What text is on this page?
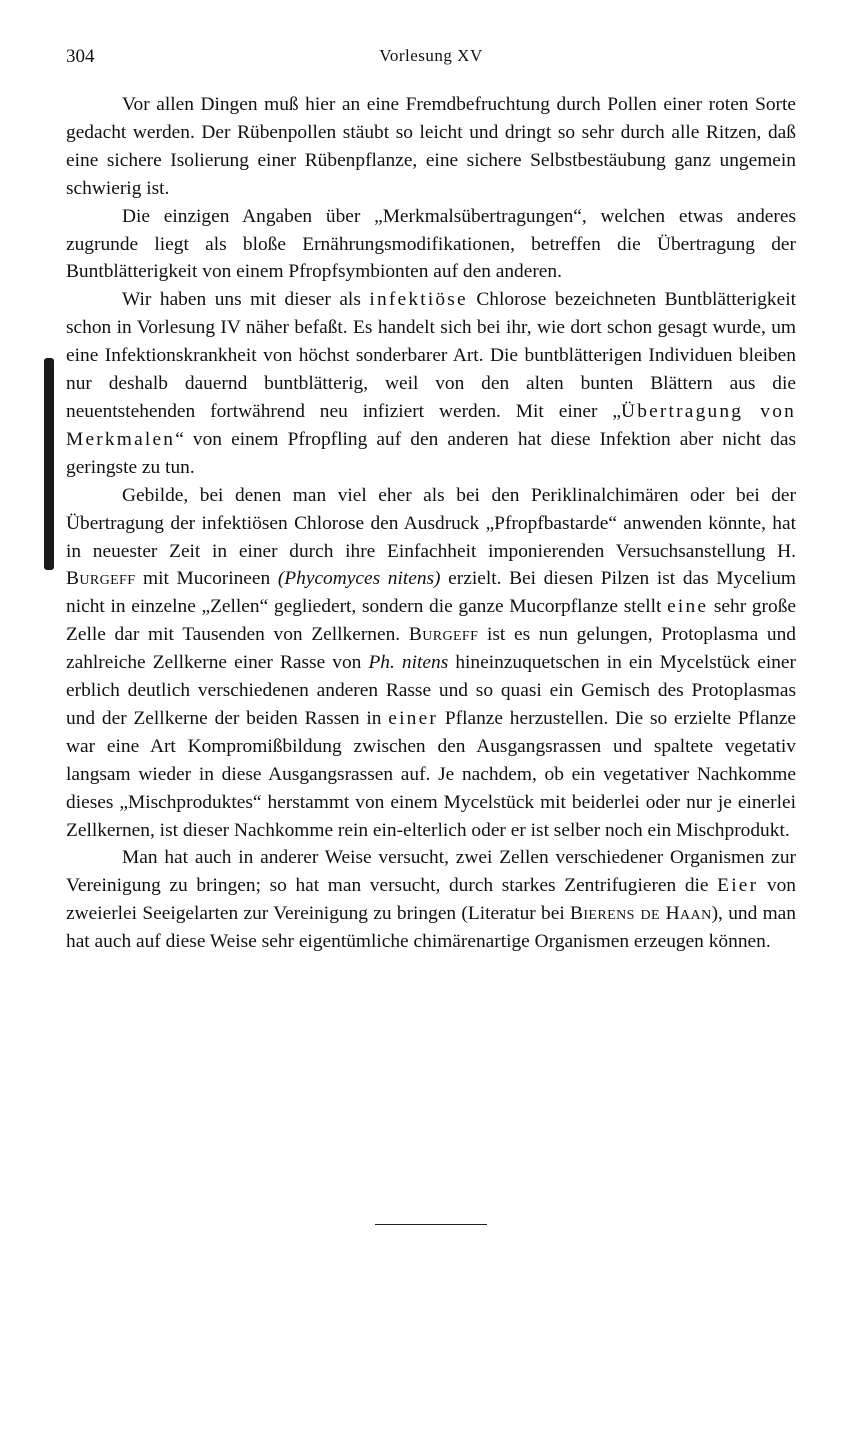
304	Vorlesung XV

Vor allen Dingen muß hier an eine Fremdbefruchtung durch Pollen einer roten Sorte gedacht werden. Der Rübenpollen stäubt so leicht und dringt so sehr durch alle Ritzen, daß eine sichere Isolierung einer Rübenpflanze, eine sichere Selbstbestäubung ganz ungemein schwierig ist.

Die einzigen Angaben über „Merkmalsübertragungen“, welchen etwas anderes zugrunde liegt als bloße Ernährungsmodifikationen, betreffen die Übertragung der Buntblätterigkeit von einem Pfropfsymbionten auf den anderen.

Wir haben uns mit dieser als infektiöse Chlorose bezeichneten Buntblätterigkeit schon in Vorlesung IV näher befaßt. Es handelt sich bei ihr, wie dort schon gesagt wurde, um eine Infektionskrankheit von höchst sonderbarer Art. Die buntblätterigen Individuen bleiben nur deshalb dauernd buntblätterig, weil von den alten bunten Blättern aus die neuentstehenden fortwährend neu infiziert werden. Mit einer „Übertragung von Merkmalen“ von einem Pfropfling auf den anderen hat diese Infektion aber nicht das geringste zu tun.

Gebilde, bei denen man viel eher als bei den Periklinalchimären oder bei der Übertragung der infektiösen Chlorose den Ausdruck „Pfropfbastarde“ anwenden könnte, hat in neuester Zeit in einer durch ihre Einfachheit imponierenden Versuchsanstellung H. Burgeff mit Mucorineen (Phycomyces nitens) erzielt. Bei diesen Pilzen ist das Mycelium nicht in einzelne „Zellen“ gegliedert, sondern die ganze Mucorpflanze stellt eine sehr große Zelle dar mit Tausenden von Zellkernen. Burgeff ist es nun gelungen, Protoplasma und zahlreiche Zellkerne einer Rasse von Ph. nitens hineinzuquetschen in ein Mycelstück einer erblich deutlich verschiedenen anderen Rasse und so quasi ein Gemisch des Protoplasmas und der Zellkerne der beiden Rassen in einer Pflanze herzustellen. Die so erzielte Pflanze war eine Art Kompromißbildung zwischen den Ausgangsrassen und spaltete vegetativ langsam wieder in diese Ausgangsrassen auf. Je nachdem, ob ein vegetativer Nachkomme dieses „Mischproduktes“ herstammt von einem Mycelstück mit beiderlei oder nur je einerlei Zellkernen, ist dieser Nachkomme rein ein-elterlich oder er ist selber noch ein Mischprodukt.

Man hat auch in anderer Weise versucht, zwei Zellen verschiedener Organismen zur Vereinigung zu bringen; so hat man versucht, durch starkes Zentrifugieren die Eier von zweierlei Seeigelarten zur Vereinigung zu bringen (Literatur bei Bierens de Haan), und man hat auch auf diese Weise sehr eigentümliche chimärenartige Organismen erzeugen können.
